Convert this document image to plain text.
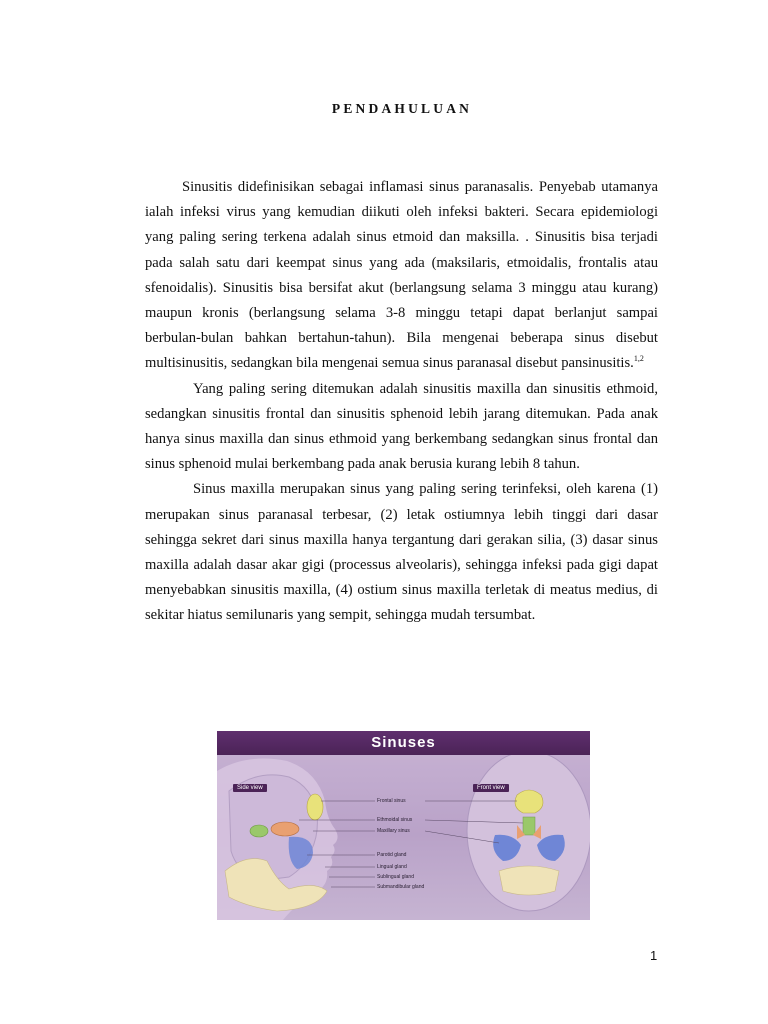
PENDAHULUAN

Sinusitis didefinisikan sebagai inflamasi sinus paranasalis. Penyebab utamanya ialah infeksi virus yang kemudian diikuti oleh infeksi bakteri. Secara epidemiologi yang paling sering terkena adalah sinus etmoid dan maksilla. . Sinusitis bisa terjadi pada salah satu dari keempat sinus yang ada (maksilaris, etmoidalis, frontalis atau sfenoidalis). Sinusitis bisa bersifat akut (berlangsung selama 3 minggu atau kurang) maupun kronis (berlangsung selama 3-8 minggu tetapi dapat berlanjut sampai berbulan-bulan bahkan bertahun-tahun). Bila mengenai beberapa sinus disebut multisinusitis, sedangkan bila mengenai semua sinus paranasal disebut pansinusitis.$^{1,2}$

Yang paling sering ditemukan adalah sinusitis maxilla dan sinusitis ethmoid, sedangkan sinusitis frontal dan sinusitis sphenoid lebih jarang ditemukan. Pada anak hanya sinus maxilla dan sinus ethmoid yang berkembang sedangkan sinus frontal dan sinus sphenoid mulai berkembang pada anak berusia kurang lebih 8 tahun.

Sinus maxilla merupakan sinus yang paling sering terinfeksi, oleh karena (1) merupakan sinus paranasal terbesar, (2) letak ostiumnya lebih tinggi dari dasar sehingga sekret dari sinus maxilla hanya tergantung dari gerakan silia, (3) dasar sinus maxilla adalah dasar akar gigi (processus alveolaris), sehingga infeksi pada gigi dapat menyebabkan sinusitis maxilla, (4) ostium sinus maxilla terletak di meatus medius, di sekitar hiatus semilunaris yang sempit, sehingga mudah tersumbat.

Sinuses
Side view	Front view
Frontal sinus
Ethmoidal sinus
Maxillary sinus
Parotid gland
Lingual gland
Sublingual gland
Submandibular gland
1
